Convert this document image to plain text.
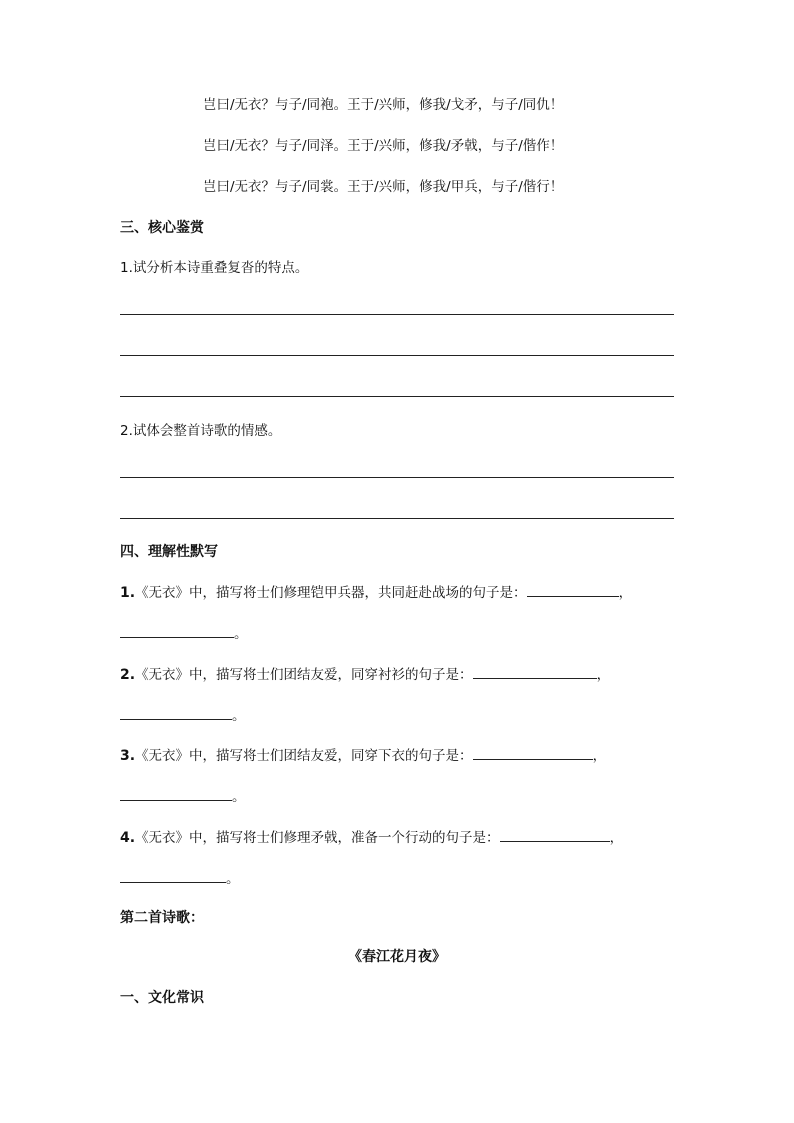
岂曰/无衣？与子/同袍。王于/兴师，修我/戈矛，与子/同仇！
岂曰/无衣？与子/同泽。王于/兴师，修我/矛戟，与子/偕作！
岂曰/无衣？与子/同裳。王于/兴师，修我/甲兵，与子/偕行！
三、核心鉴赏
1.试分析本诗重叠复沓的特点。
2.试体会整首诗歌的情感。
四、理解性默写
1.《无衣》中，描写将士们修理铠甲兵器，共同赶赴战场的句子是：	，
。
2.《无衣》中，描写将士们团结友爱，同穿衬衫的句子是：	，
。
3.《无衣》中，描写将士们团结友爱，同穿下衣的句子是：	，
。
4.《无衣》中，描写将士们修理矛戟，准备一个行动的句子是：	，
。
第二首诗歌：
《春江花月夜》
一、文化常识
